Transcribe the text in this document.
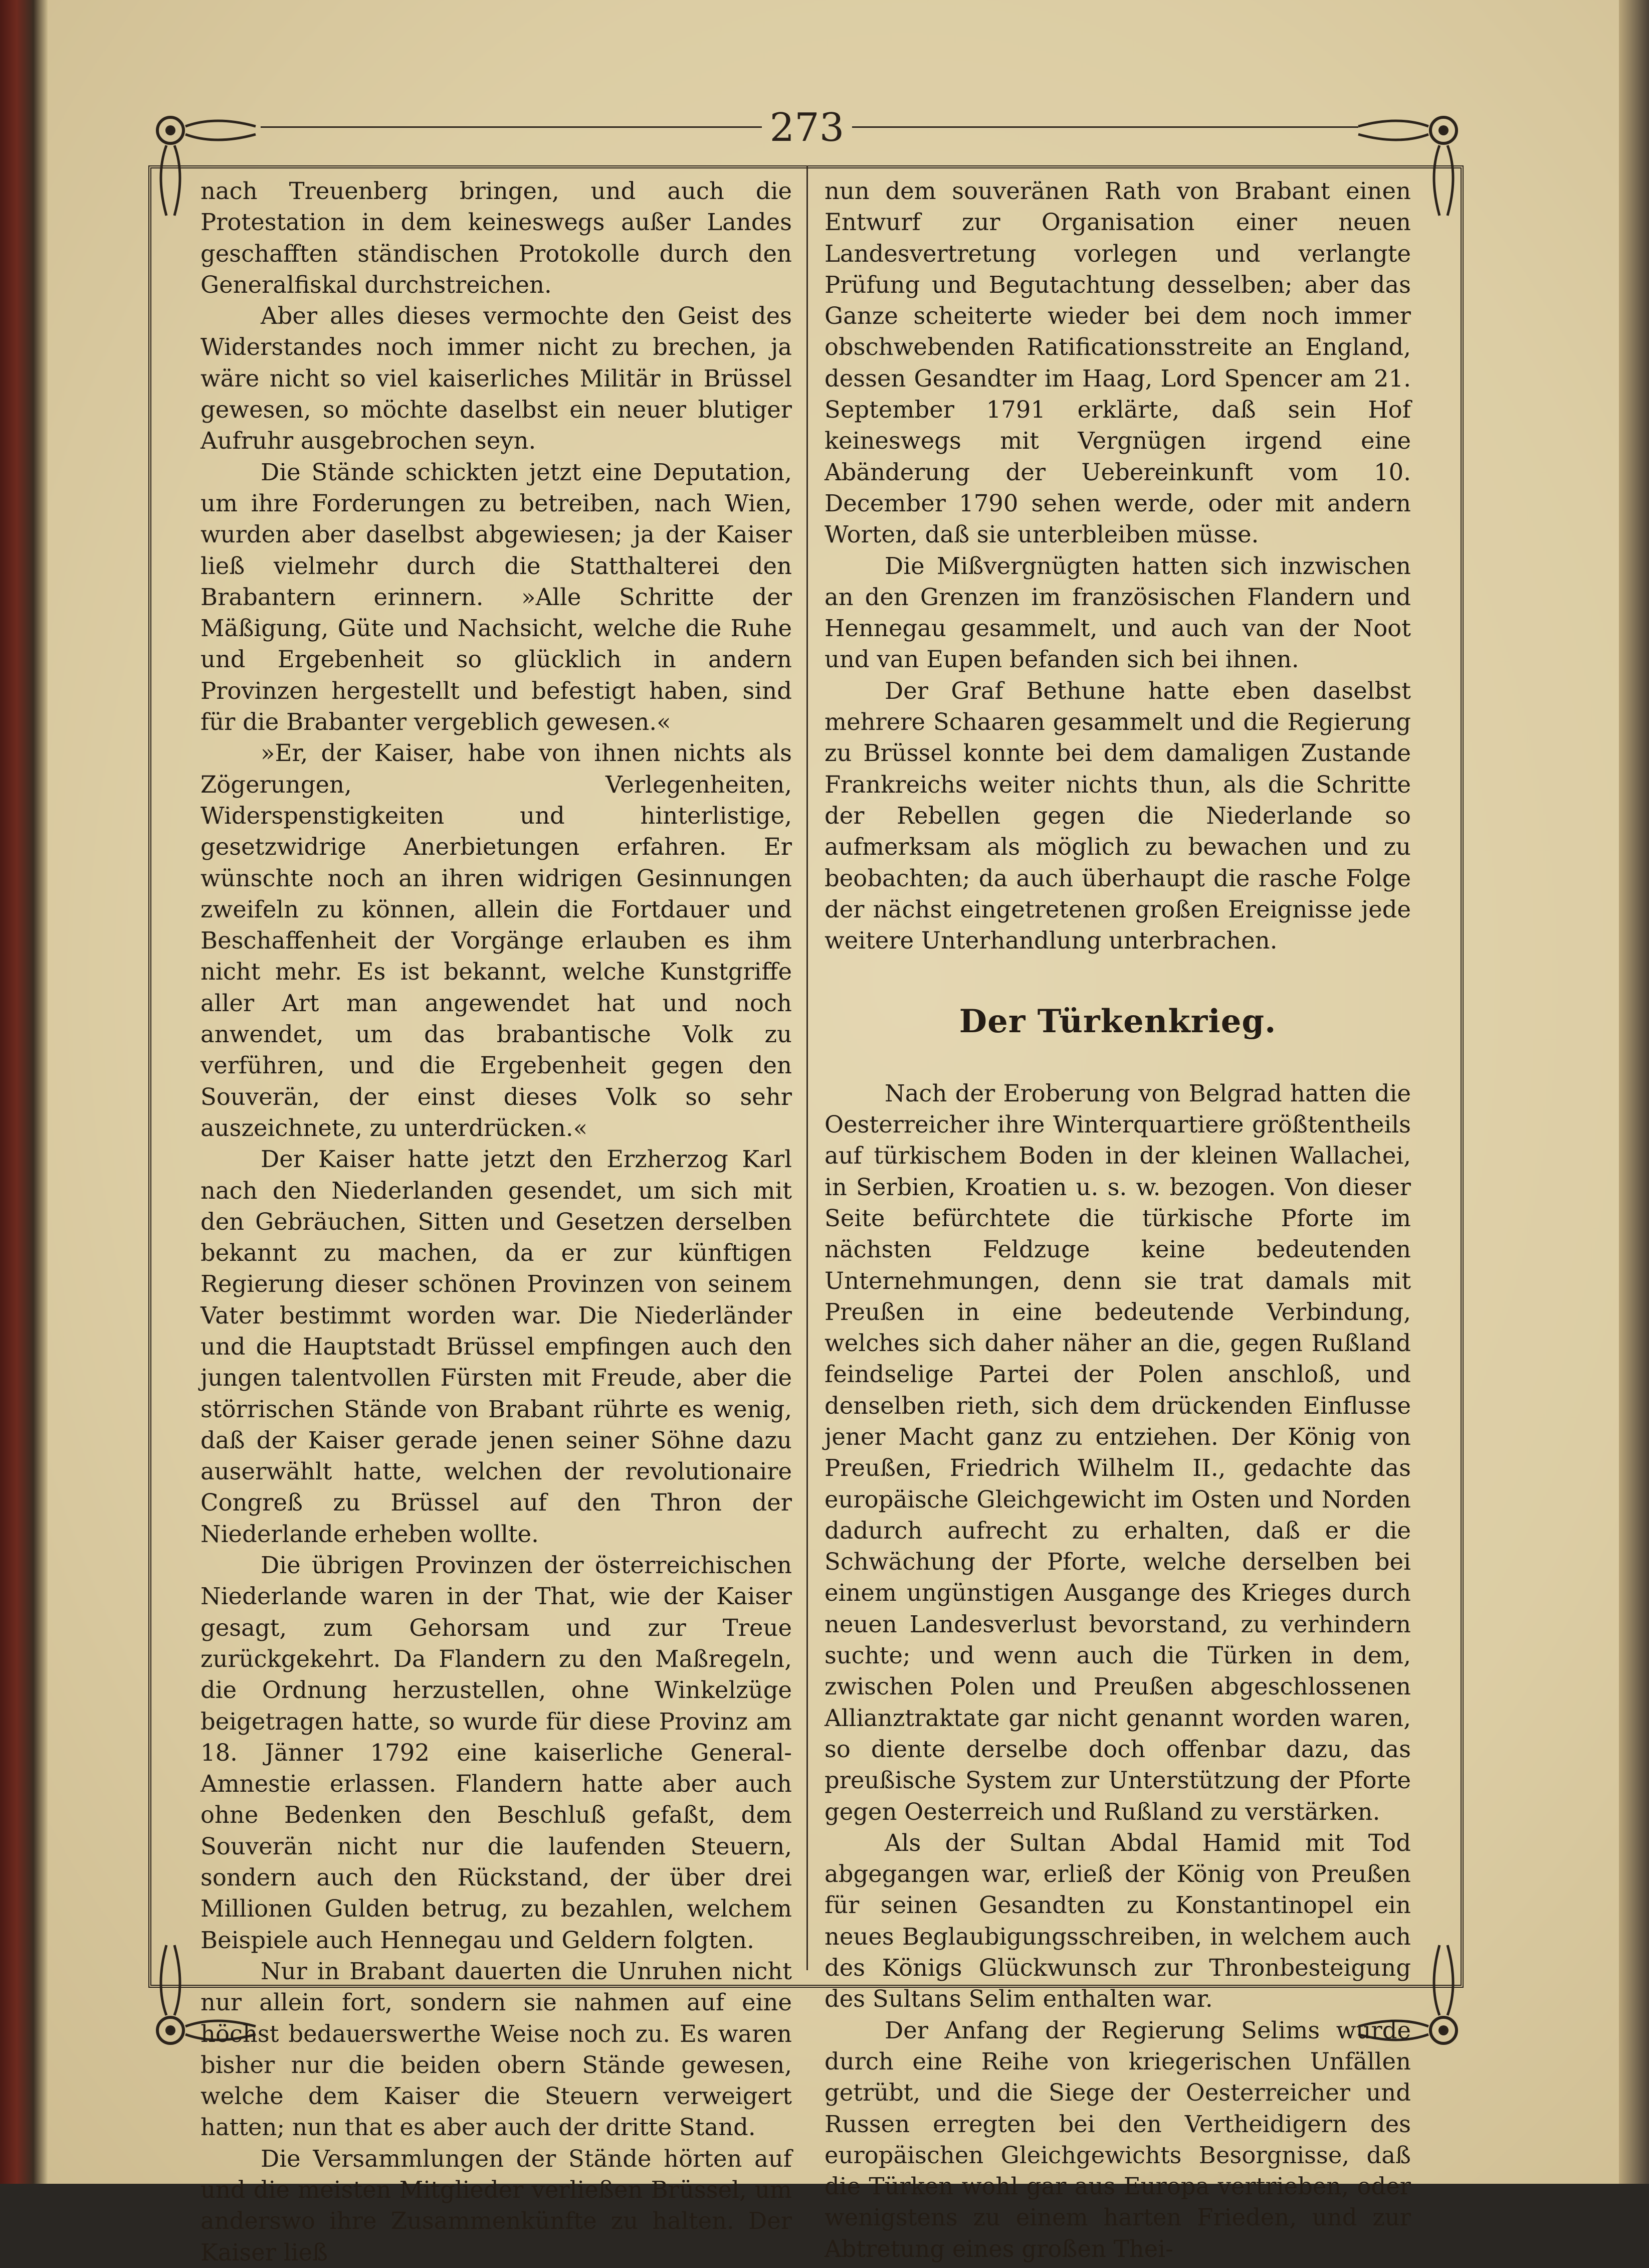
273

nach Treuenberg bringen, und auch die Protestation in dem keineswegs außer Landes geschafften ständischen Protokolle durch den Generalfiskal durchstreichen.

Aber alles dieses vermochte den Geist des Widerstandes noch immer nicht zu brechen, ja wäre nicht so viel kaiserliches Militär in Brüssel gewesen, so möchte daselbst ein neuer blutiger Aufruhr ausgebrochen seyn.

Die Stände schickten jetzt eine Deputation, um ihre Forderungen zu betreiben, nach Wien, wurden aber daselbst abgewiesen; ja der Kaiser ließ vielmehr durch die Statthalterei den Brabantern erinnern. »Alle Schritte der Mäßigung, Güte und Nachsicht, welche die Ruhe und Ergebenheit so glücklich in andern Provinzen hergestellt und befestigt haben, sind für die Brabanter vergeblich gewesen.«

»Er, der Kaiser, habe von ihnen nichts als Zögerungen, Verlegenheiten, Widerspenstigkeiten und hinterlistige, gesetzwidrige Anerbietungen erfahren. Er wünschte noch an ihren widrigen Gesinnungen zweifeln zu können, allein die Fortdauer und Beschaffenheit der Vorgänge erlauben es ihm nicht mehr. Es ist bekannt, welche Kunstgriffe aller Art man angewendet hat und noch anwendet, um das brabantische Volk zu verführen, und die Ergebenheit gegen den Souverän, der einst dieses Volk so sehr auszeichnete, zu unterdrücken.«

Der Kaiser hatte jetzt den Erzherzog Karl nach den Niederlanden gesendet, um sich mit den Gebräuchen, Sitten und Gesetzen derselben bekannt zu machen, da er zur künftigen Regierung dieser schönen Provinzen von seinem Vater bestimmt worden war. Die Niederländer und die Hauptstadt Brüssel empfingen auch den jungen talentvollen Fürsten mit Freude, aber die störrischen Stände von Brabant rührte es wenig, daß der Kaiser gerade jenen seiner Söhne dazu auserwählt hatte, welchen der revolutionaire Congreß zu Brüssel auf den Thron der Niederlande erheben wollte.

Die übrigen Provinzen der österreichischen Niederlande waren in der That, wie der Kaiser gesagt, zum Gehorsam und zur Treue zurückgekehrt. Da Flandern zu den Maßregeln, die Ordnung herzustellen, ohne Winkelzüge beigetragen hatte, so wurde für diese Provinz am 18. Jänner 1792 eine kaiserliche General-Amnestie erlassen. Flandern hatte aber auch ohne Bedenken den Beschluß gefaßt, dem Souverän nicht nur die laufenden Steuern, sondern auch den Rückstand, der über drei Millionen Gulden betrug, zu bezahlen, welchem Beispiele auch Hennegau und Geldern folgten.

Nur in Brabant dauerten die Unruhen nicht nur allein fort, sondern sie nahmen auf eine höchst bedauerswerthe Weise noch zu. Es waren bisher nur die beiden obern Stände gewesen, welche dem Kaiser die Steuern verweigert hatten; nun that es aber auch der dritte Stand.

Die Versammlungen der Stände hörten auf und die meisten Mitglieder verließen Brüssel, um anderswo ihre Zusammenkünfte zu halten. Der Kaiser ließ

nun dem souveränen Rath von Brabant einen Entwurf zur Organisation einer neuen Landesvertretung vorlegen und verlangte Prüfung und Begutachtung desselben; aber das Ganze scheiterte wieder bei dem noch immer obschwebenden Ratificationsstreite an England, dessen Gesandter im Haag, Lord Spencer am 21. September 1791 erklärte, daß sein Hof keineswegs mit Vergnügen irgend eine Abänderung der Uebereinkunft vom 10. December 1790 sehen werde, oder mit andern Worten, daß sie unterbleiben müsse.

Die Mißvergnügten hatten sich inzwischen an den Grenzen im französischen Flandern und Hennegau gesammelt, und auch van der Noot und van Eupen befanden sich bei ihnen.

Der Graf Bethune hatte eben daselbst mehrere Schaaren gesammelt und die Regierung zu Brüssel konnte bei dem damaligen Zustande Frankreichs weiter nichts thun, als die Schritte der Rebellen gegen die Niederlande so aufmerksam als möglich zu bewachen und zu beobachten; da auch überhaupt die rasche Folge der nächst eingetretenen großen Ereignisse jede weitere Unterhandlung unterbrachen.

Der Türkenkrieg.

Nach der Eroberung von Belgrad hatten die Oesterreicher ihre Winterquartiere größtentheils auf türkischem Boden in der kleinen Wallachei, in Serbien, Kroatien u. s. w. bezogen. Von dieser Seite befürchtete die türkische Pforte im nächsten Feldzuge keine bedeutenden Unternehmungen, denn sie trat damals mit Preußen in eine bedeutende Verbindung, welches sich daher näher an die, gegen Rußland feindselige Partei der Polen anschloß, und denselben rieth, sich dem drückenden Einflusse jener Macht ganz zu entziehen. Der König von Preußen, Friedrich Wilhelm II., gedachte das europäische Gleichgewicht im Osten und Norden dadurch aufrecht zu erhalten, daß er die Schwächung der Pforte, welche derselben bei einem ungünstigen Ausgange des Krieges durch neuen Landesverlust bevorstand, zu verhindern suchte; und wenn auch die Türken in dem, zwischen Polen und Preußen abgeschlossenen Allianztraktate gar nicht genannt worden waren, so diente derselbe doch offenbar dazu, das preußische System zur Unterstützung der Pforte gegen Oesterreich und Rußland zu verstärken.

Als der Sultan Abdal Hamid mit Tod abgegangen war, erließ der König von Preußen für seinen Gesandten zu Konstantinopel ein neues Beglaubigungsschreiben, in welchem auch des Königs Glückwunsch zur Thronbesteigung des Sultans Selim enthalten war.

Der Anfang der Regierung Selims wurde durch eine Reihe von kriegerischen Unfällen getrübt, und die Siege der Oesterreicher und Russen erregten bei den Vertheidigern des europäischen Gleichgewichts Besorgnisse, daß die Türken wohl gar aus Europa vertrieben, oder wenigstens zu einem harten Frieden, und zur Abtretung eines großen Thei-
